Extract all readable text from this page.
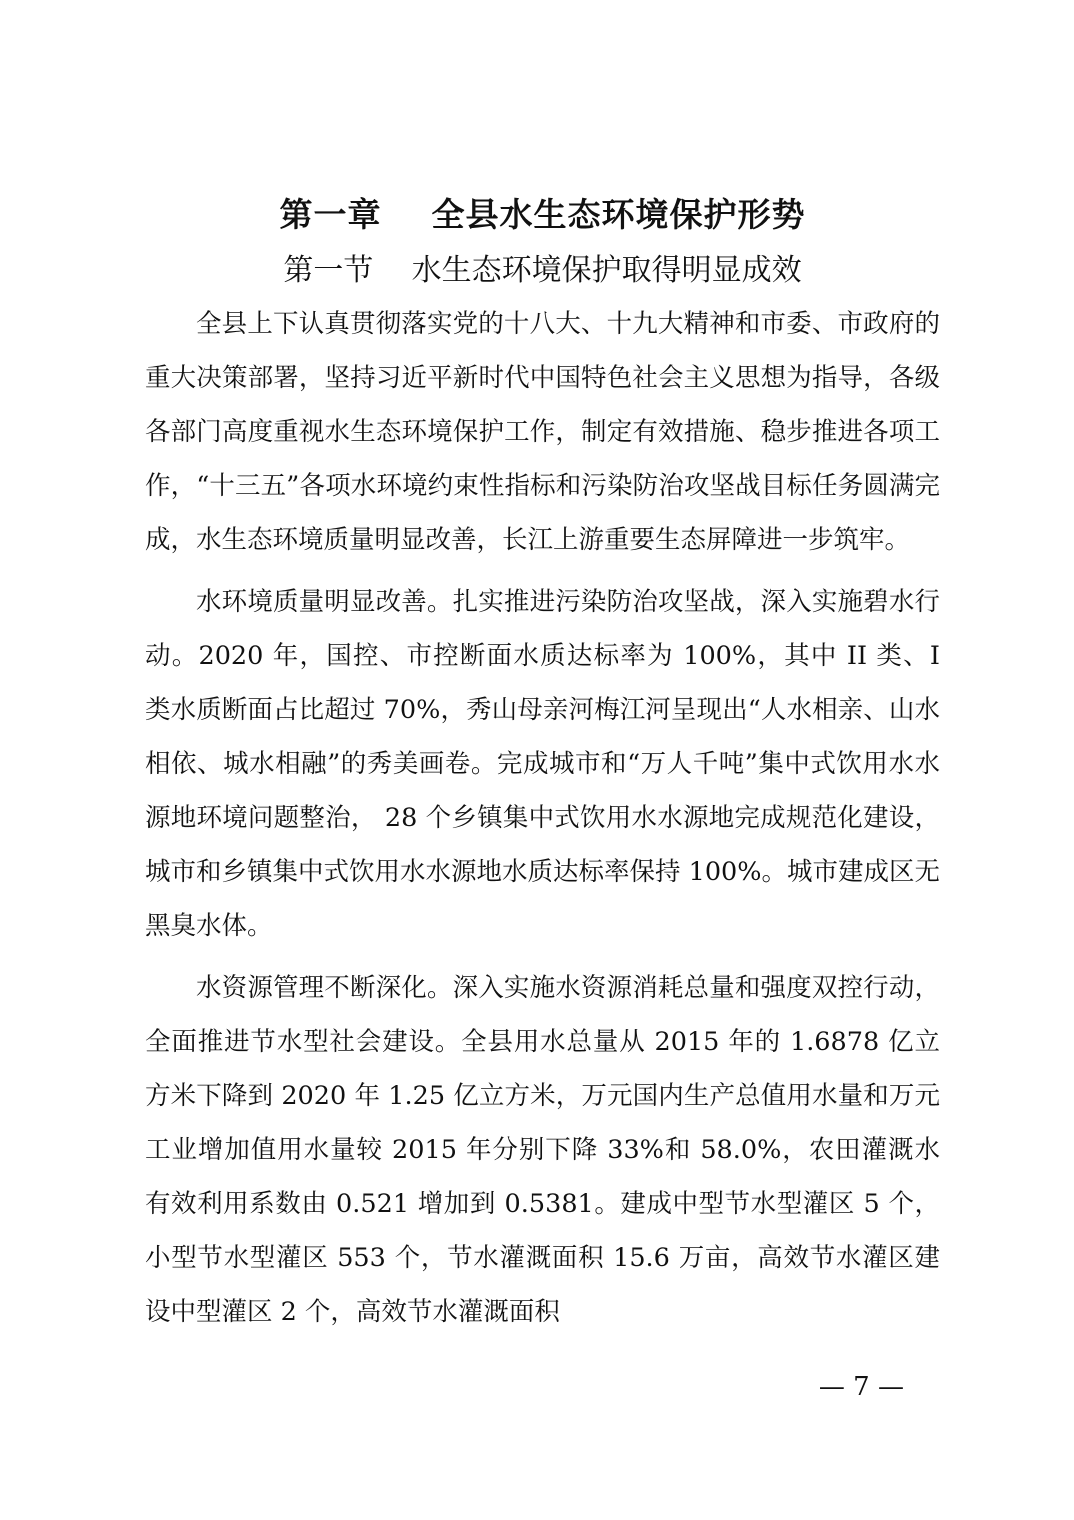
第一章    全县水生态环境保护形势
第一节    水生态环境保护取得明显成效

全县上下认真贯彻落实党的十八大、十九大精神和市委、市政府的重大决策部署，坚持习近平新时代中国特色社会主义思想为指导，各级各部门高度重视水生态环境保护工作，制定有效措施、稳步推进各项工作，“十三五”各项水环境约束性指标和污染防治攻坚战目标任务圆满完成，水生态环境质量明显改善，长江上游重要生态屏障进一步筑牢。

水环境质量明显改善。扎实推进污染防治攻坚战，深入实施碧水行动。2020 年，国控、市控断面水质达标率为 100%，其中 II 类、I 类水质断面占比超过 70%，秀山母亲河梅江河呈现出“人水相亲、山水相依、城水相融”的秀美画卷。完成城市和“万人千吨”集中式饮用水水源地环境问题整治， 28 个乡镇集中式饮用水水源地完成规范化建设，城市和乡镇集中式饮用水水源地水质达标率保持 100%。城市建成区无黑臭水体。

水资源管理不断深化。深入实施水资源消耗总量和强度双控行动，全面推进节水型社会建设。全县用水总量从 2015 年的 1.6878 亿立方米下降到 2020 年 1.25 亿立方米，万元国内生产总值用水量和万元工业增加值用水量较 2015 年分别下降 33%和 58.0%，农田灌溉水有效利用系数由 0.521 增加到 0.5381。建成中型节水型灌区 5 个，小型节水型灌区 553 个，节水灌溉面积 15.6 万亩，高效节水灌区建设中型灌区 2 个，高效节水灌溉面积

— 7 —
